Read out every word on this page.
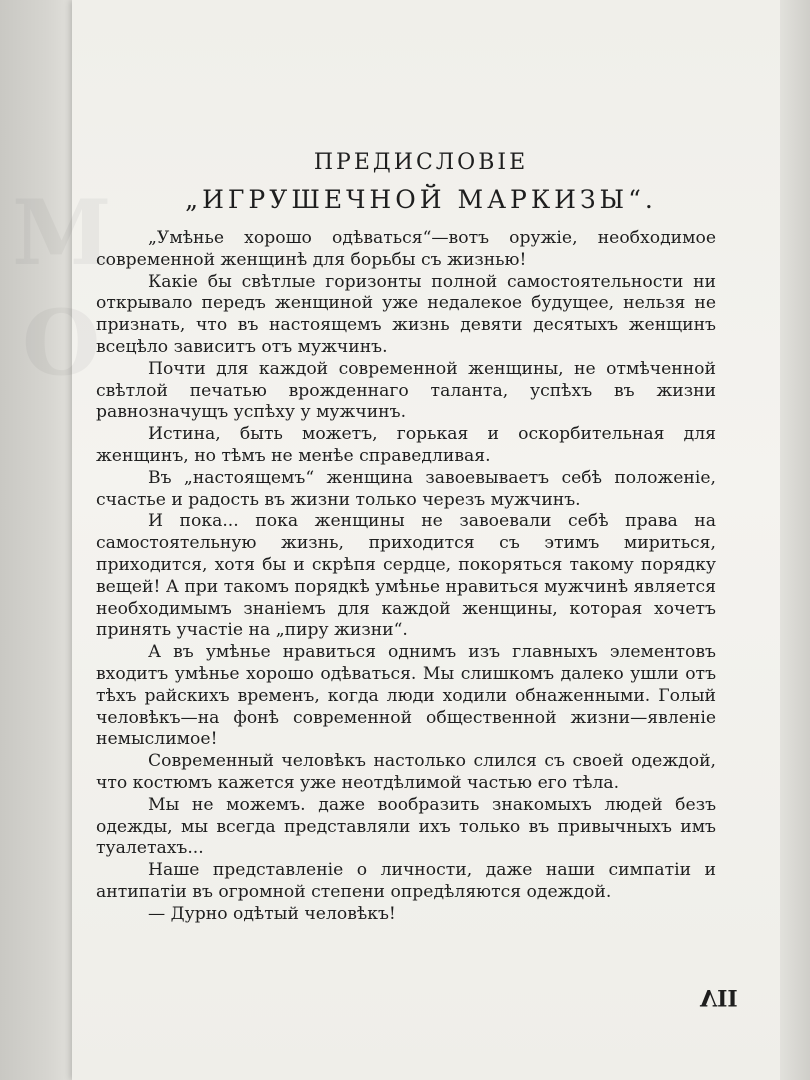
ПРЕДИСЛОВІЕ
„ИГРУШЕЧНОЙ МАРКИЗЫ“.

„Умѣнье хорошо одѣваться“—вотъ оружіе, необходимое современной женщинѣ для борьбы съ жизнью!

Какіе бы свѣтлые горизонты полной самостоятельности ни открывало передъ женщиной уже недалекое будущее, нельзя не признать, что въ настоящемъ жизнь девяти десятыхъ женщинъ всецѣло зависитъ отъ мужчинъ.

Почти для каждой современной женщины, не отмѣченной свѣтлой печатью врожденнаго таланта, успѣхъ въ жизни равнозначущъ успѣху у мужчинъ.

Истина, быть можетъ, горькая и оскорбительная для женщинъ, но тѣмъ не менѣе справедливая.

Въ „настоящемъ“ женщина завоевываетъ себѣ положеніе, счастье и радость въ жизни только черезъ мужчинъ.

И пока... пока женщины не завоевали себѣ права на самостоятельную жизнь, приходится съ этимъ мириться, приходится, хотя бы и скрѣпя сердце, покоряться такому порядку вещей! А при такомъ порядкѣ умѣнье нравиться мужчинѣ является необходимымъ знаніемъ для каждой женщины, которая хочетъ принять участіе на „пиру жизни“.

А въ умѣнье нравиться однимъ изъ главныхъ элементовъ входитъ умѣнье хорошо одѣваться. Мы слишкомъ далеко ушли отъ тѣхъ райскихъ временъ, когда люди ходили обнаженными. Голый человѣкъ—на фонѣ современной общественной жизни—явленіе немыслимое!

Современный человѣкъ настолько слился съ своей одеждой, что костюмъ кажется уже неотдѣлимой частью его тѣла.

Мы не можемъ. даже вообразить знакомыхъ людей безъ одежды, мы всегда представляли ихъ только въ привычныхъ имъ туалетахъ...

Наше представленіе о личности, даже наши симпатіи и антипатіи въ огромной степени опредѣляются одеждой.

— Дурно одѣтый человѣкъ!

VII
